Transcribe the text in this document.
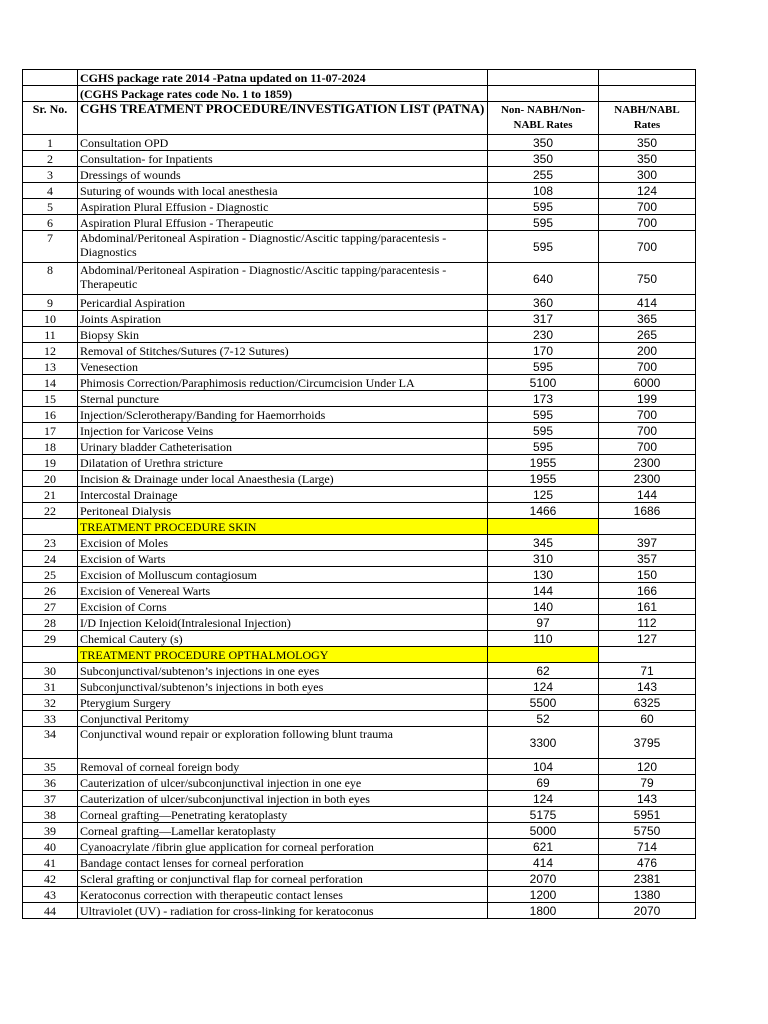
	CGHS package rate 2014 -Patna updated on 11-07-2024		
	(CGHS Package rates code No. 1 to 1859)		
Sr. No.	CGHS TREATMENT PROCEDURE/INVESTIGATION LIST (PATNA)	Non- NABH/Non-NABL Rates	NABH/NABL Rates
1	Consultation OPD	350	350
2	Consultation- for Inpatients	350	350
3	Dressings of wounds	255	300
4	Suturing of wounds with local anesthesia	108	124
5	Aspiration Plural Effusion - Diagnostic	595	700
6	Aspiration Plural Effusion - Therapeutic	595	700
7	Abdominal/Peritoneal Aspiration - Diagnostic/Ascitic tapping/paracentesis - Diagnostics	595	700
8	Abdominal/Peritoneal Aspiration - Diagnostic/Ascitic tapping/paracentesis - Therapeutic	640	750
9	Pericardial Aspiration	360	414
10	Joints Aspiration	317	365
11	Biopsy Skin	230	265
12	Removal of Stitches/Sutures (7-12 Sutures)	170	200
13	Venesection	595	700
14	Phimosis Correction/Paraphimosis reduction/Circumcision Under LA	5100	6000
15	Sternal puncture	173	199
16	Injection/Sclerotherapy/Banding for Haemorrhoids	595	700
17	Injection for Varicose Veins	595	700
18	Urinary bladder Catheterisation	595	700
19	Dilatation of Urethra stricture	1955	2300
20	Incision & Drainage under local Anaesthesia (Large)	1955	2300
21	Intercostal Drainage	125	144
22	Peritoneal Dialysis	1466	1686
	TREATMENT PROCEDURE SKIN		
23	Excision of Moles	345	397
24	Excision of Warts	310	357
25	Excision of Molluscum contagiosum	130	150
26	Excision of Venereal Warts	144	166
27	Excision of Corns	140	161
28	I/D Injection Keloid(Intralesional Injection)	97	112
29	Chemical Cautery (s)	110	127
	TREATMENT PROCEDURE OPTHALMOLOGY		
30	Subconjunctival/subtenon’s injections in one eyes	62	71
31	Subconjunctival/subtenon’s injections in both eyes	124	143
32	Pterygium Surgery	5500	6325
33	Conjunctival Peritomy	52	60
34	Conjunctival wound repair or exploration following blunt trauma	3300	3795
35	Removal of corneal foreign body	104	120
36	Cauterization of ulcer/subconjunctival injection in one eye	69	79
37	Cauterization of ulcer/subconjunctival injection in both eyes	124	143
38	Corneal grafting—Penetrating keratoplasty	5175	5951
39	Corneal grafting—Lamellar keratoplasty	5000	5750
40	Cyanoacrylate /fibrin glue application for corneal perforation	621	714
41	Bandage contact lenses for corneal perforation	414	476
42	Scleral grafting or conjunctival flap for corneal perforation	2070	2381
43	Keratoconus correction with therapeutic contact lenses	1200	1380
44	Ultraviolet (UV) - radiation for cross-linking for keratoconus	1800	2070
